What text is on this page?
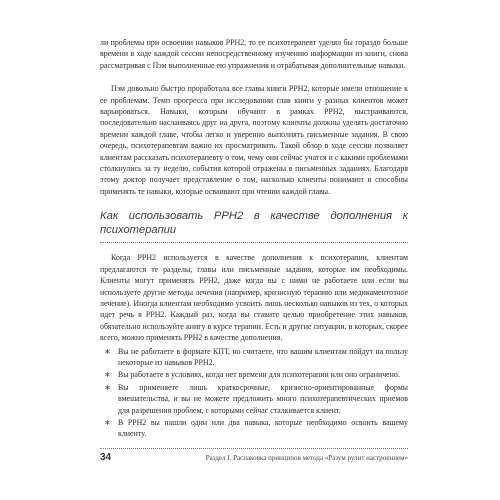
ли проблемы при освоении навыков PPH2, то ее психотерапевт уделял бы гораздо больше времени в ходе каждой сессии непосредственному изучению информации из книги, снова рассматривая с Пэм выполненные ею упражнения и отрабатывая дополнительные навыки.

Пэм довольно быстро проработала все главы книги PPH2, которые имели отношение к ее проблемам. Темп прогресса при исследовании глав книги у разных клиентов может варьироваться. Навыки, которым обучают в рамках PPH2, выстраиваются, последовательно наслаиваясь друг на друга, поэтому клиенты должны уделять достаточно времени каждой главе, чтобы легко и уверенно выполнять письменные задания. В свою очередь, психотерапевтам важно их просматривать. Такой обзор в ходе сессии позволяет клиентам рассказать психотерапевту о том, чему они сейчас учатся и с какими проблемами столкнулись за ту неделю, события которой отражены в письменных заданиях. Благодаря этому доктор получает представление о том, насколько клиенты понимают и способны применять те навыки, которые осваивают при чтении каждой главы.

Как использовать PPH2 в качестве дополнения к психотерапии

Когда PPH2 используется в качестве дополнения к психотерапии, клиентам предлагаются те разделы, главы или письменные задания, которые им необходимы. Клиенты могут применять PPH2, даже когда вы с ними не работаете или если вы используете другие методы лечения (например, кризисную терапию или медикаментозное лечение). Иногда клиентам необходимо усвоить лишь несколько навыков из тех, о которых идет речь в PPH2. Каждый раз, когда вы ставите целью приобретение этих навыков, обязательно используйте книгу в курсе терапии. Есть и другие ситуации, в которых, скорее всего, можно применять PPH2 в качестве дополнения.

∗ Вы не работаете в формате КПТ, но считаете, что вашим клиентам пойдут на пользу некоторые из навыков PPH2.
∗ Вы работаете в условиях, когда нет времени для психотерапии или оно ограничено.
∗ Вы применяете лишь краткосрочные, кризисно-ориентированные формы вмешательства, и вы не можете предложить много психотерапевтических приемов для разрешения проблем, с которыми сейчас сталкивается клиент.
∗ В PPH2 вы нашли один или два навыка, которые необходимо освоить вашему клиенту.
34	Раздел I. Распаковка принципов метода «Разум рулит настроением»
